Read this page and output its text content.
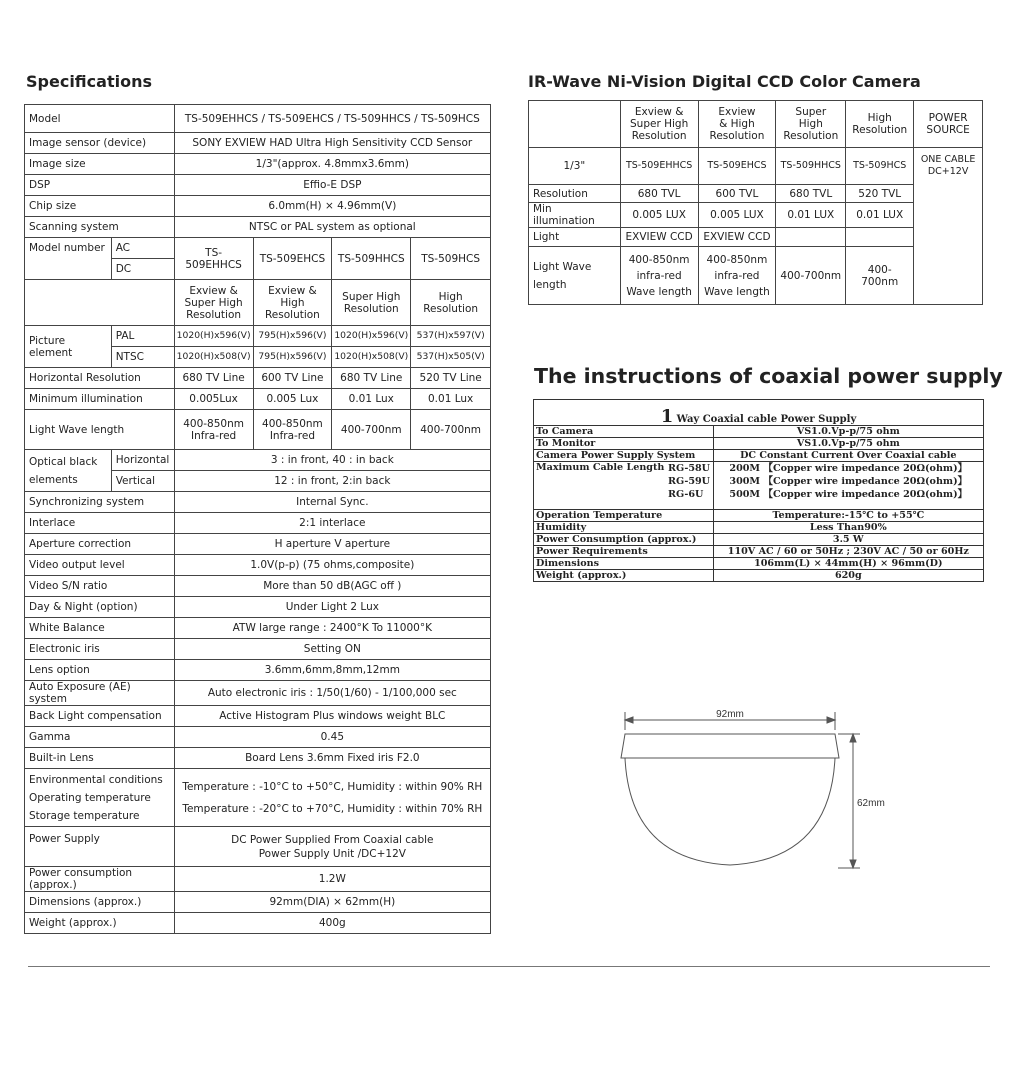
Specifications	IR-Wave Ni-Vision Digital CCD Color Camera
The instructions of coaxial power supply
Model		TS-509EHHCS / TS-509EHCS / TS-509HHCS / TS-509HCS			
Image sensor (device)		SONY EXVIEW HAD Ultra High Sensitivity CCD Sensor			
Image size		1/3"(approx. 4.8mmx3.6mm)			
DSP		Effio-E DSP			
Chip size		6.0mm(H) × 4.96mm(V)			
Scanning system		NTSC or PAL system as optional			
Model number	AC	TS-509EHHCS	TS-509EHCS	TS-509HHCS	TS-509HCS
	DC				
		Exview &
Super High
Resolution	Exview &
High
Resolution	Super High
Resolution	High
Resolution
Picture element	PAL	1020(H)x596(V)	795(H)x596(V)	1020(H)x596(V)	537(H)x597(V)
	NTSC	1020(H)x508(V)	795(H)x596(V)	1020(H)x508(V)	537(H)x505(V)
Horizontal Resolution		680 TV Line	600 TV Line	680 TV Line	520 TV Line
Minimum illumination		0.005Lux	0.005 Lux	0.01 Lux	0.01 Lux
Light Wave length		400-850nm
Infra-red	400-850nm
Infra-red	400-700nm	400-700nm
Optical black elements	Horizontal	3 : in front, 40 : in back			
	Vertical	12 : in front, 2:in back			
Synchronizing system		Internal Sync.			
Interlace		2:1 interlace			
Aperture correction		H aperture V aperture			
Video output level		1.0V(p-p) (75 ohms,composite)			
Video S/N ratio		More than 50 dB(AGC off )			
Day & Night (option)		Under Light 2 Lux			
White Balance		ATW large range : 2400°K To 11000°K			
Electronic iris		Setting ON			
Lens option		3.6mm,6mm,8mm,12mm			
Auto Exposure (AE) system		Auto electronic iris : 1/50(1/60) - 1/100,000 sec			
Back Light compensation		Active Histogram Plus windows weight BLC			
Gamma		0.45			
Built-in Lens		Board Lens 3.6mm Fixed iris F2.0			
Environmental conditions
Operating temperature
Storage temperature		Temperature : -10°C to +50°C, Humidity : within 90% RH
Temperature : -20°C to +70°C, Humidity : within 70% RH			
Power Supply		DC Power Supplied From Coaxial cable
Power Supply Unit /DC+12V			
Power consumption (approx.)		1.2W			
Dimensions (approx.)		92mm(DIA) × 62mm(H)			
Weight (approx.)		400g			
	Exview &
Super High
Resolution	Exview
& High
Resolution	Super
High
Resolution	High
Resolution	POWER
SOURCE
1/3"	TS-509EHHCS	TS-509EHCS	TS-509HHCS	TS-509HCS	ONE CABLE
DC+12V
Resolution	680 TVL	600 TVL	680 TVL	520 TVL	
Min illumination	0.005 LUX	0.005 LUX	0.01 LUX	0.01 LUX	
Light	EXVIEW CCD	EXVIEW CCD			
Light Wave
length	400-850nm
infra-red
Wave length	400-850nm
infra-red
Wave length	400-700nm	400-700nm	
1 Way Coaxial cable Power Supply	
To Camera	VS1.0.Vp-p/75 ohm
To Monitor	VS1.0.Vp-p/75 ohm
Camera Power Supply System	DC Constant Current Over Coaxial cable
Maximum Cable Length RG-58U
RG-59U
RG-6U	200M 【Copper wire impedance 20Ω(ohm)】
300M 【Copper wire impedance 20Ω(ohm)】
500M 【Copper wire impedance 20Ω(ohm)】
Operation Temperature	Temperature:-15℃ to +55℃
Humidity	Less Than90%
Power Consumption (approx.)	3.5 W
Power Requirements	110V AC / 60 or 50Hz ; 230V AC / 50 or 60Hz
Dimensions	106mm(L) × 44mm(H) × 96mm(D)
Weight (approx.)	620g
92mm
62mm
